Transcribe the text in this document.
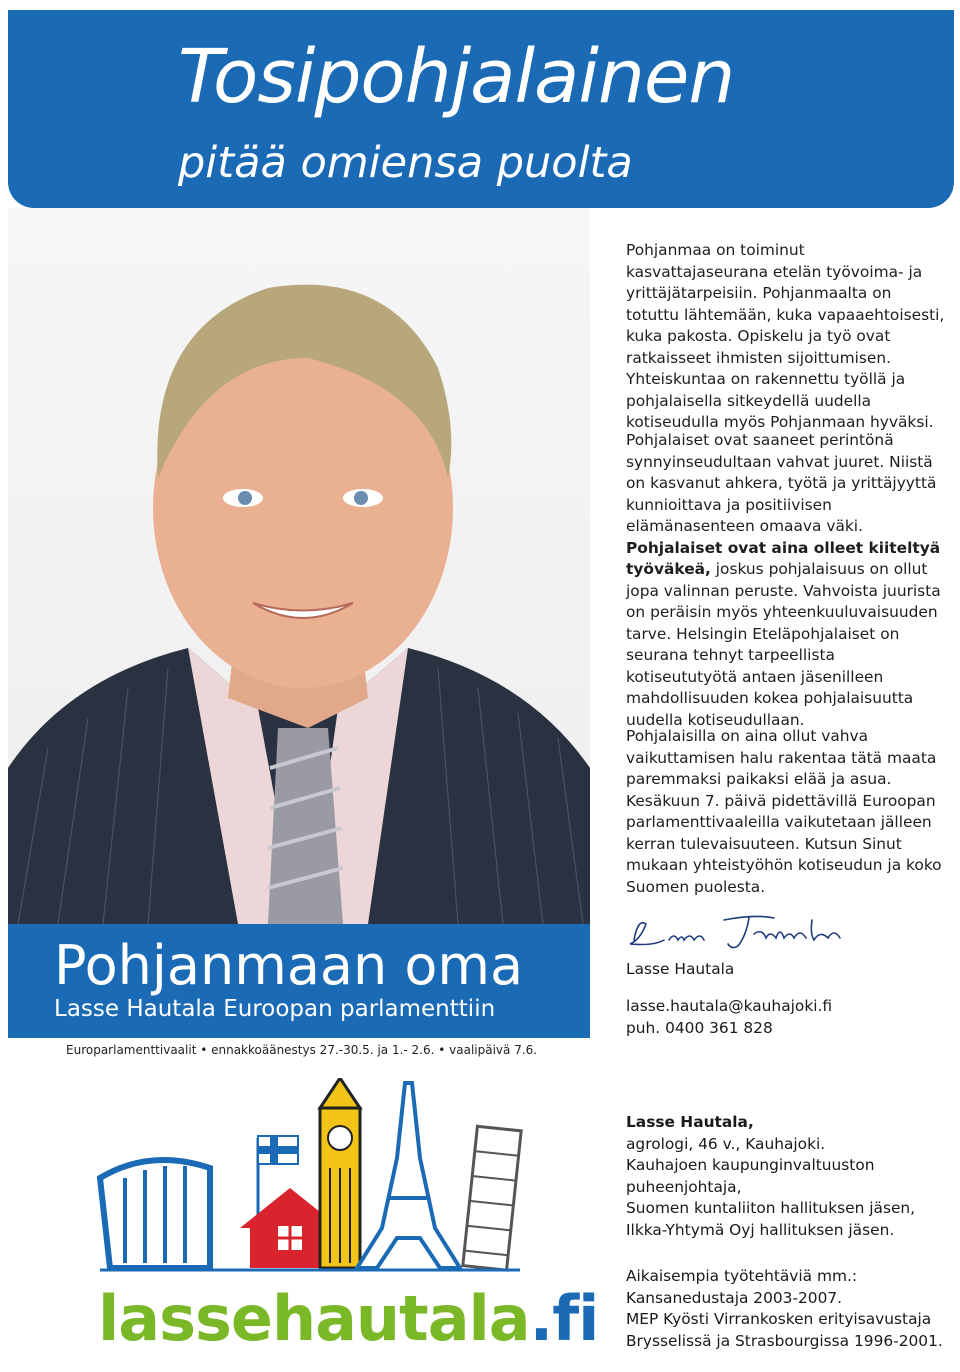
Tosipohjalainen
pitää omiensa puolta
Pohjanmaan oma
Lasse Hautala Euroopan parlamenttiin
Europarlamenttivaalit • ennakkoäänestys 27.-30.5. ja 1.- 2.6. • vaalipäivä 7.6.

Pohjanmaa on toiminut kasvattajaseurana etelän työvoima- ja yrittäjätarpeisiin. Pohjanmaalta on totuttu lähtemään, kuka vapaaehtoisesti, kuka pakosta. Opiskelu ja työ ovat ratkaisseet ihmisten sijoittumisen. Yhteiskuntaa on rakennettu työllä ja pohjalaisella sitkeydellä uudella kotiseudulla myös Pohjanmaan hyväksi.

Pohjalaiset ovat saaneet perintönä synnyinseudultaan vahvat juuret. Niistä on kasvanut ahkera, työtä ja yrittäjyyttä kunnioittava ja positiivisen elämänasenteen omaava väki. Pohjalaiset ovat aina olleet kiiteltyä työväkeä, joskus pohjalaisuus on ollut jopa valinnan peruste. Vahvoista juurista on peräisin myös yhteenkuuluvaisuuden tarve. Helsingin Eteläpohjalaiset on seurana tehnyt tarpeellista kotiseututyötä antaen jäsenilleen mahdollisuuden kokea pohjalaisuutta uudella kotiseudullaan.

Pohjalaisilla on aina ollut vahva vaikuttamisen halu rakentaa tätä maata paremmaksi paikaksi elää ja asua. Kesäkuun 7. päivä pidettävillä Euroopan parlamenttivaaleilla vaikutetaan jälleen kerran tulevaisuuteen. Kutsun Sinut mukaan yhteistyöhön kotiseudun ja koko Suomen puolesta.

Lasse Hautala
lasse.hautala@kauhajoki.fi
puh. 0400 361 828
Lasse Hautala,
agrologi, 46 v., Kauhajoki.
Kauhajoen kaupunginvaltuuston
puheenjohtaja,
Suomen kuntaliiton hallituksen jäsen,
Ilkka-Yhtymä Oyj hallituksen jäsen.
Aikaisempia työtehtäviä mm.:
Kansanedustaja 2003-2007.
MEP Kyösti Virrankosken erityisavustaja
Brysselissä ja Strasbourgissa 1996-2001.
lassehautala.fi
